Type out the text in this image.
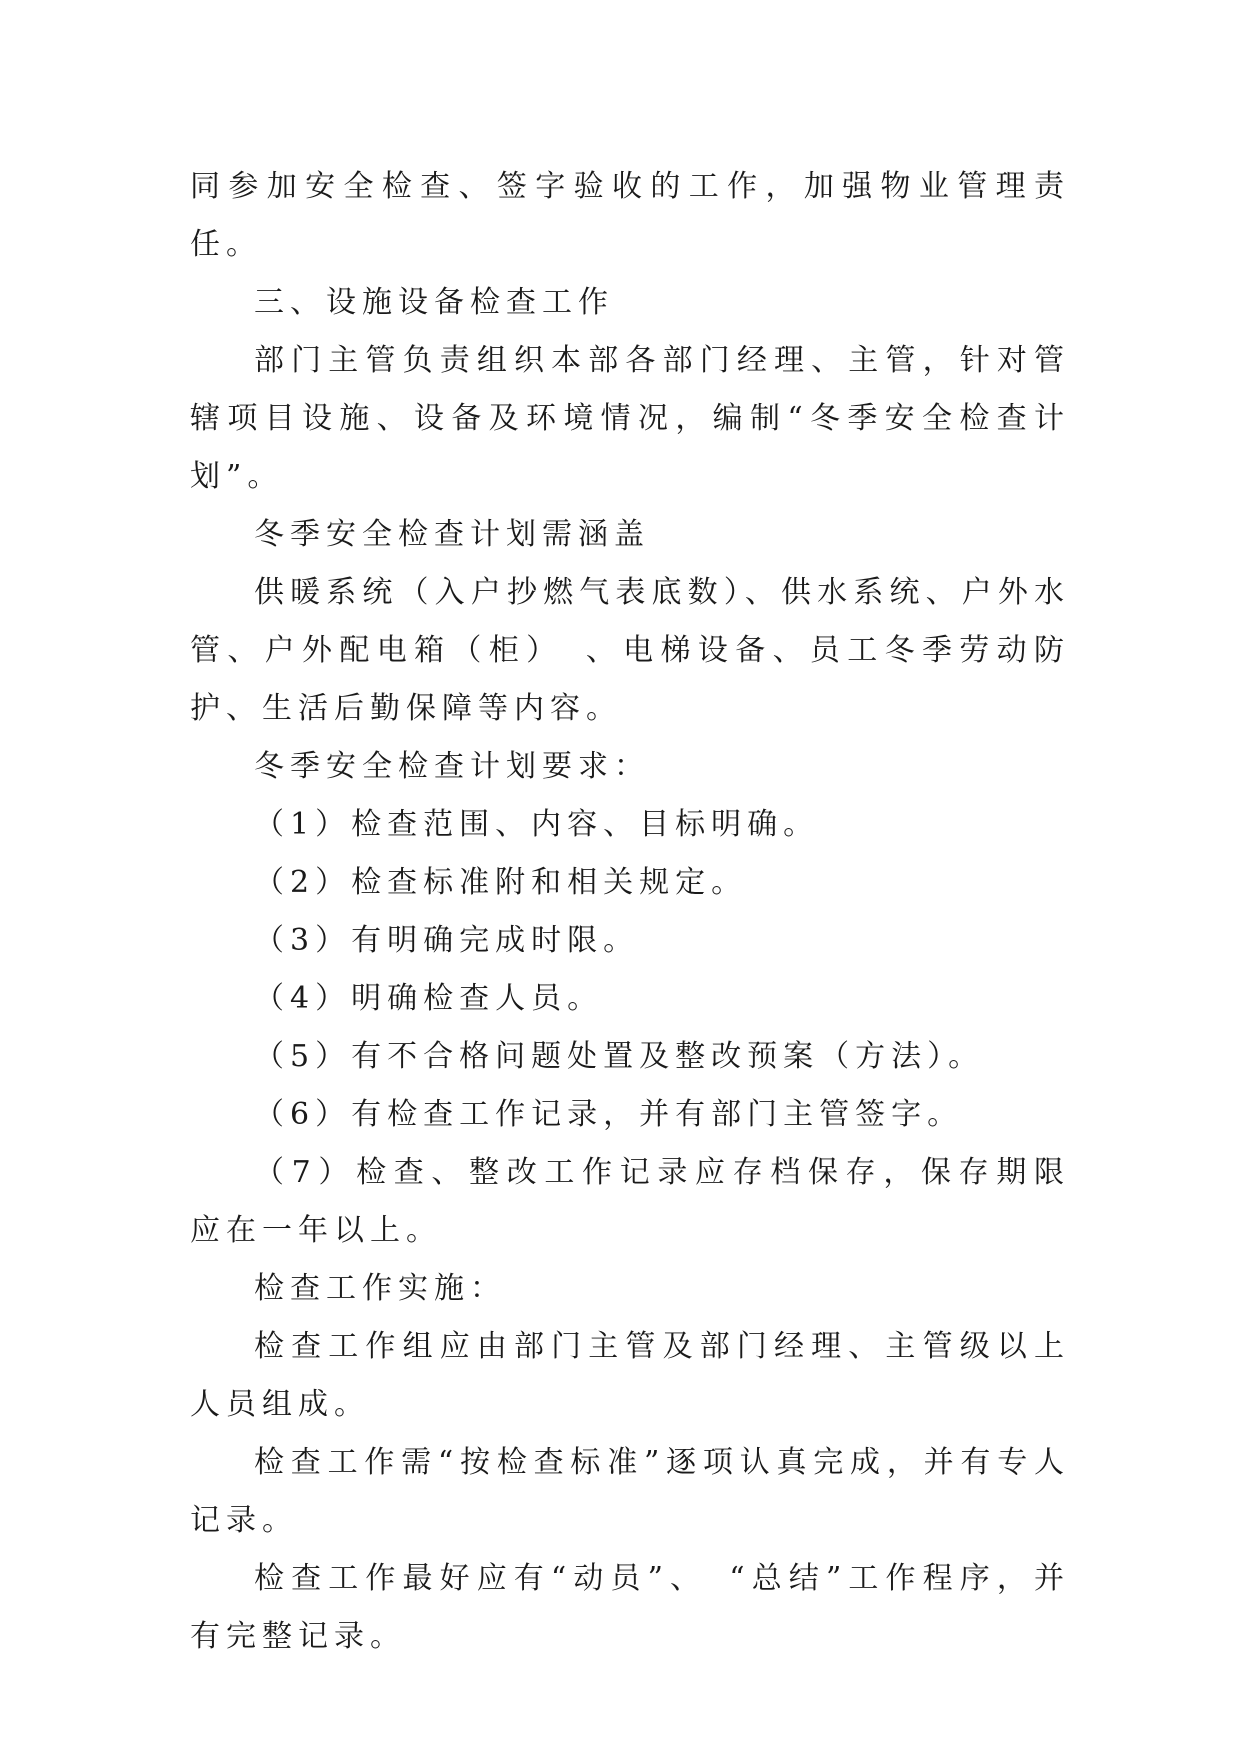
同参加安全检查、签字验收的工作，加强物业管理责任。

三、设施设备检查工作

部门主管负责组织本部各部门经理、主管，针对管辖项目设施、设备及环境情况，编制“冬季安全检查计划”。

冬季安全检查计划需涵盖

供暖系统（入户抄燃气表底数）、供水系统、户外水管、户外配电箱（柜）　、电梯设备、员工冬季劳动防护、生活后勤保障等内容。

冬季安全检查计划要求：

（1）检查范围、内容、目标明确。

（2）检查标准附和相关规定。

（3）有明确完成时限。

（4）明确检查人员。

（5）有不合格问题处置及整改预案（方法）。

（6）有检查工作记录，并有部门主管签字。

（7）检查、整改工作记录应存档保存，保存期限应在一年以上。

检查工作实施：

检查工作组应由部门主管及部门经理、主管级以上人员组成。

检查工作需“按检查标准”逐项认真完成，并有专人记录。

检查工作最好应有“动员”、　“总结”工作程序，并有完整记录。
